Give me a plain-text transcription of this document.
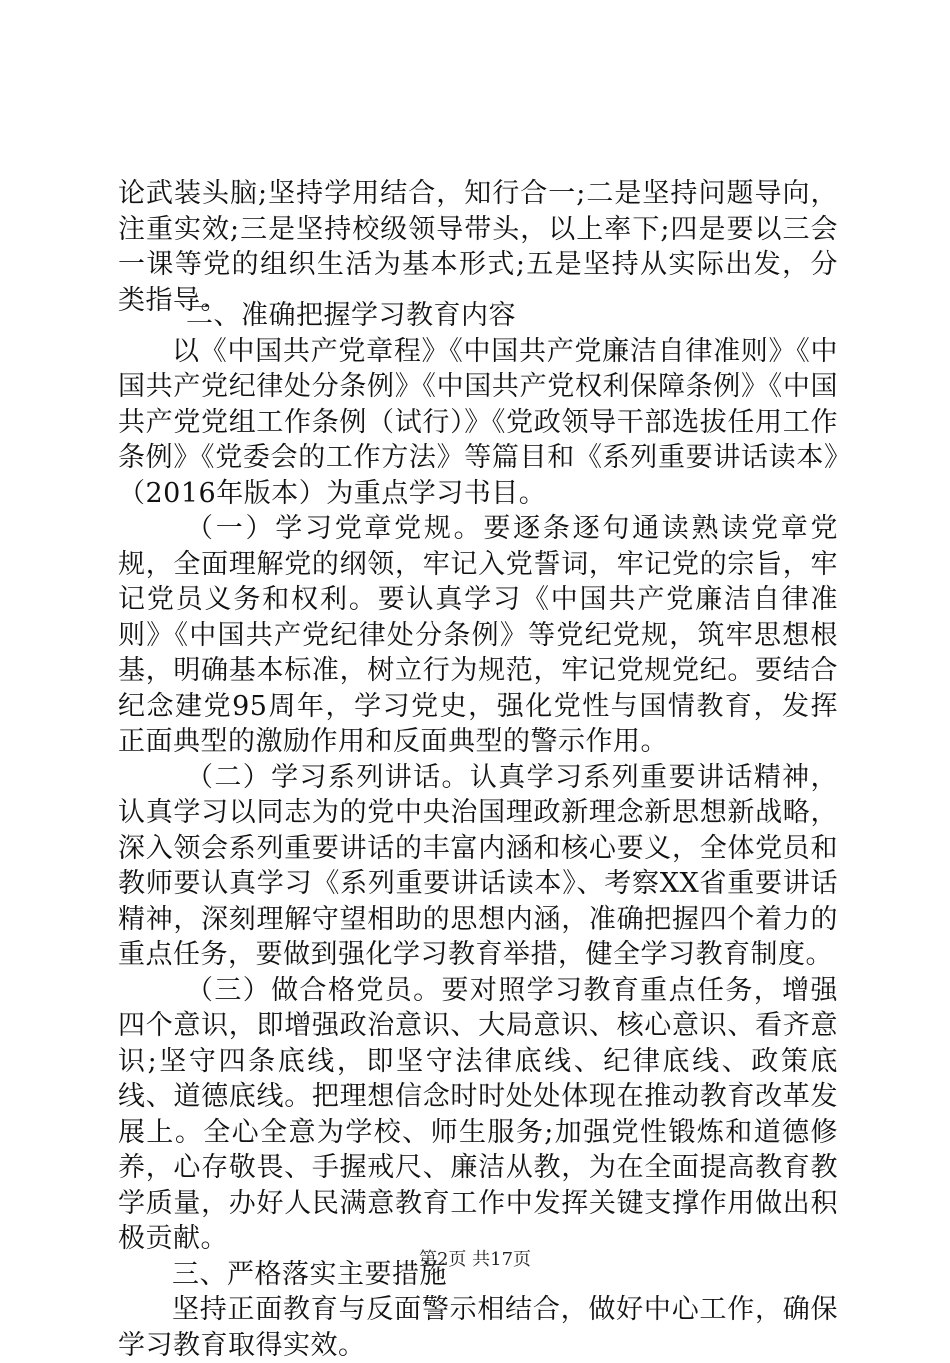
论武装头脑;坚持学用结合，知行合一;二是坚持问题导向，注重实效;三是坚持校级领导带头，以上率下;四是要以三会一课等党的组织生活为基本形式;五是坚持从实际出发，分类指导。

二、准确把握学习教育内容

以《中国共产党章程》《中国共产党廉洁自律准则》《中国共产党纪律处分条例》《中国共产党权利保障条例》《中国共产党党组工作条例（试行）》《党政领导干部选拔任用工作条例》《党委会的工作方法》等篇目和《系列重要讲话读本》（2016年版本）为重点学习书目。

（一）学习党章党规。要逐条逐句通读熟读党章党规，全面理解党的纲领，牢记入党誓词，牢记党的宗旨，牢记党员义务和权利。要认真学习《中国共产党廉洁自律准则》《中国共产党纪律处分条例》等党纪党规，筑牢思想根基，明确基本标准，树立行为规范，牢记党规党纪。要结合纪念建党95周年，学习党史，强化党性与国情教育，发挥正面典型的激励作用和反面典型的警示作用。

（二）学习系列讲话。认真学习系列重要讲话精神，认真学习以同志为的党中央治国理政新理念新思想新战略，深入领会系列重要讲话的丰富内涵和核心要义，全体党员和教师要认真学习《系列重要讲话读本》、考察XX省重要讲话精神，深刻理解守望相助的思想内涵，准确把握四个着力的重点任务，要做到强化学习教育举措，健全学习教育制度。

（三）做合格党员。要对照学习教育重点任务，增强四个意识，即增强政治意识、大局意识、核心意识、看齐意识;坚守四条底线，即坚守法律底线、纪律底线、政策底线、道德底线。把理想信念时时处处体现在推动教育改革发展上。全心全意为学校、师生服务;加强党性锻炼和道德修养，心存敬畏、手握戒尺、廉洁从教，为在全面提高教育教学质量，办好人民满意教育工作中发挥关键支撑作用做出积极贡献。

三、严格落实主要措施

坚持正面教育与反面警示相结合，做好中心工作，确保学习教育取得实效。

第2页 共17页
